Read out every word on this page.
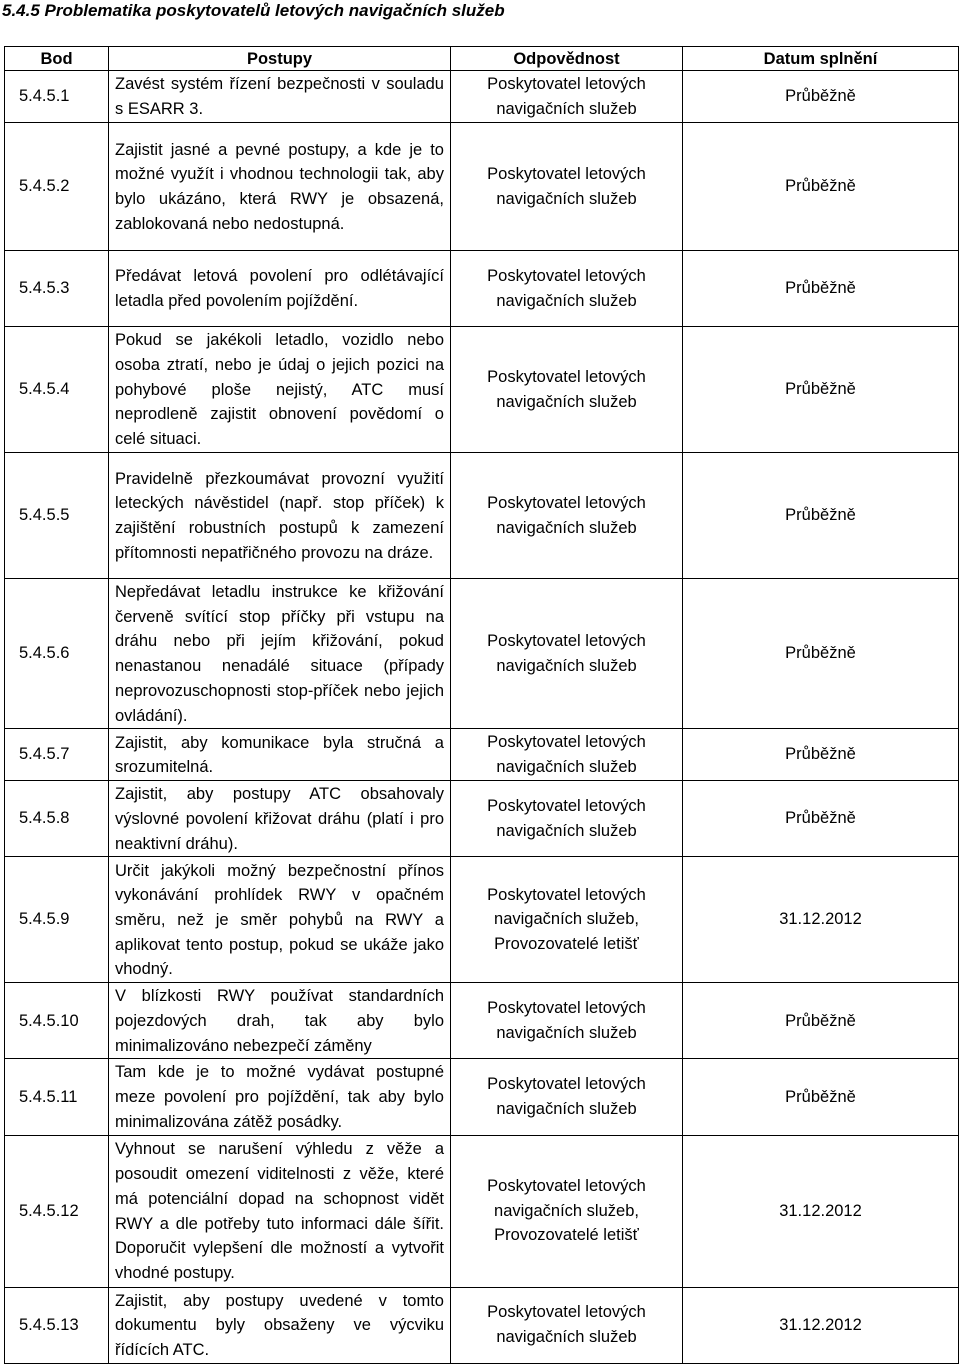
5.4.5 Problematika poskytovatelů letových navigačních služeb
Bod	Postupy	Odpovědnost	Datum splnění
5.4.5.1	Zavést systém řízení bezpečnosti v souladu s ESARR 3.	Poskytovatel letových navigačních služeb	Průběžně
5.4.5.2	Zajistit jasné a pevné postupy, a kde je to možné využít i vhodnou technologii tak, aby bylo ukázáno, která RWY je obsazená, zablokovaná nebo nedostupná.	Poskytovatel letových navigačních služeb	Průběžně
5.4.5.3	Předávat letová povolení pro odlétávající letadla před povolením pojíždění.	Poskytovatel letových navigačních služeb	Průběžně
5.4.5.4	Pokud se jakékoli letadlo, vozidlo nebo osoba ztratí, nebo je údaj o jejich pozici na pohybové ploše nejistý, ATC musí neprodleně zajistit obnovení povědomí o celé situaci.	Poskytovatel letových navigačních služeb	Průběžně
5.4.5.5	Pravidelně přezkoumávat provozní využití leteckých návěstidel (např. stop příček) k zajištění robustních postupů k zamezení přítomnosti nepatřičného provozu na dráze.	Poskytovatel letových navigačních služeb	Průběžně
5.4.5.6	Nepředávat letadlu instrukce ke křižování červeně svítící stop příčky při vstupu na dráhu nebo při jejím křižování, pokud nenastanou nenadálé situace (případy neprovozuschopnosti stop-příček nebo jejich ovládání).	Poskytovatel letových navigačních služeb	Průběžně
5.4.5.7	Zajistit, aby komunikace byla stručná a srozumitelná.	Poskytovatel letových navigačních služeb	Průběžně
5.4.5.8	Zajistit, aby postupy ATC obsahovaly výslovné povolení křižovat dráhu (platí i pro neaktivní dráhu).	Poskytovatel letových navigačních služeb	Průběžně
5.4.5.9	Určit jakýkoli možný bezpečnostní přínos vykonávání prohlídek RWY v opačném směru, než je směr pohybů na RWY a aplikovat tento postup, pokud se ukáže jako vhodný.	Poskytovatel letových navigačních služeb, Provozovatelé letišť	31.12.2012
5.4.5.10	V blízkosti RWY používat standardních pojezdových drah, tak aby bylo minimalizováno nebezpečí záměny	Poskytovatel letových navigačních služeb	Průběžně
5.4.5.11	Tam kde je to možné vydávat postupné meze povolení pro pojíždění, tak aby bylo minimalizována zátěž posádky.	Poskytovatel letových navigačních služeb	Průběžně
5.4.5.12	Vyhnout se narušení výhledu z věže a posoudit omezení viditelnosti z věže, které má potenciální dopad na schopnost vidět RWY a dle potřeby tuto informaci dále šířit. Doporučit vylepšení dle možností a vytvořit vhodné postupy.	Poskytovatel letových navigačních služeb, Provozovatelé letišť	31.12.2012
5.4.5.13	Zajistit, aby postupy uvedené v tomto dokumentu byly obsaženy ve výcviku řídících ATC.	Poskytovatel letových navigačních služeb	31.12.2012
